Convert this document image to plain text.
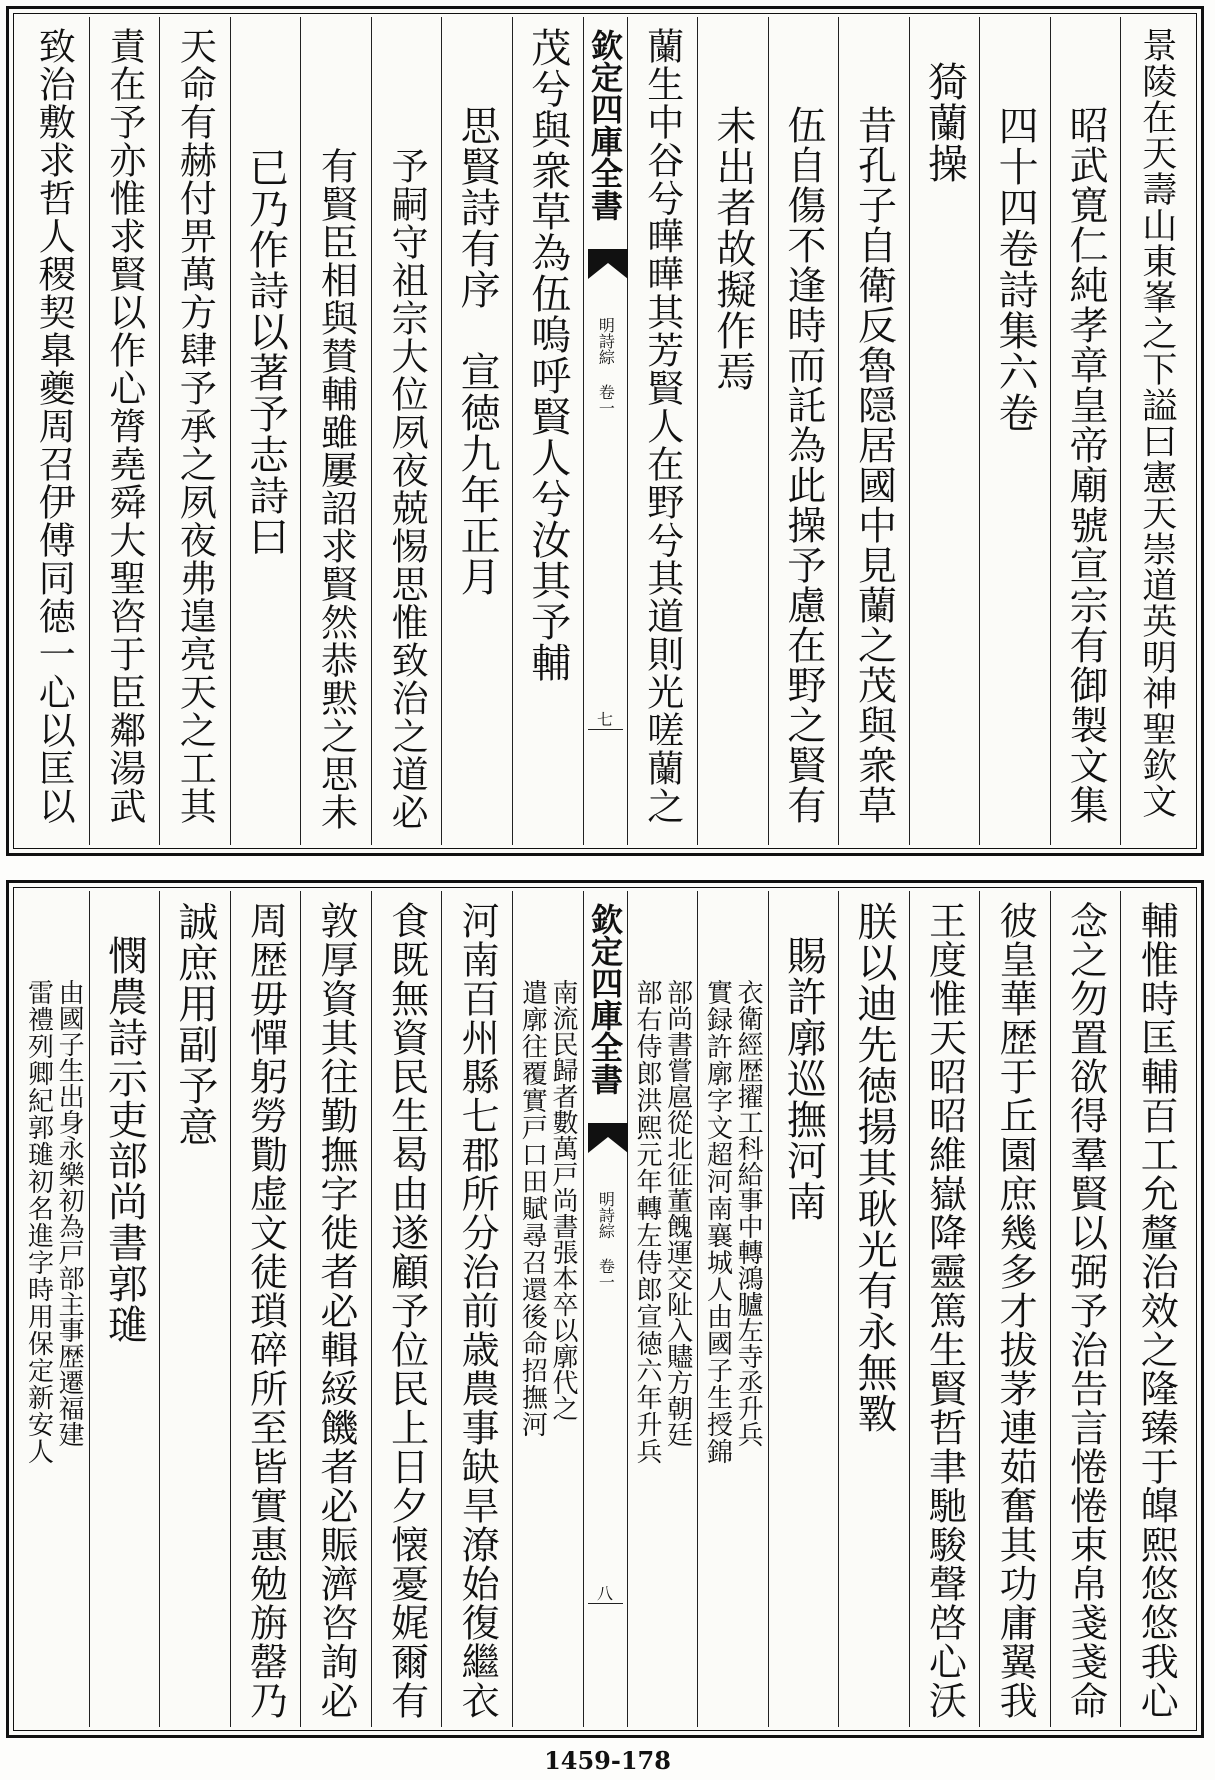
景陵在天壽山東峯之下謚曰憲天崇道英明神聖欽文
昭武寛仁純孝章皇帝廟號宣宗有御製文集
四十四卷詩集六卷
猗蘭操
昔孔子自衛反魯隠居國中見蘭之茂與衆草
伍自傷不逢時而託為此操予慮在野之賢有
未出者故擬作焉
蘭生中谷兮曄曄其芳賢人在野兮其道則光嗟蘭之
欽定四庫全書
明詩綜 卷一
七
茂兮與衆草為伍嗚呼賢人兮汝其予輔
思賢詩有序　宣徳九年正月
予嗣守祖宗大位夙夜兢惕思惟致治之道必
有賢臣相與賛輔雖屢詔求賢然恭黙之思未
已乃作詩以著予志詩曰
天命有赫付畀萬方肆予承之夙夜弗遑亮天之工其
責在予亦惟求賢以作心膂堯舜大聖咨于臣鄰湯武
致治敷求哲人稷契臯夔周召伊傅同徳一心以匡以
輔惟時匡輔百工允釐治效之隆臻于皥熙悠悠我心
念之勿置欲得羣賢以弼予治告言惓惓束帛戔戔命
彼皇華歴于丘園庶幾多才拔茅連茹奮其功庸翼我
王度惟天昭昭維嶽降靈篤生賢哲聿馳駿聲啓心沃
朕以迪先徳揚其耿光有永無斁
賜許廓巡撫河南
實録許廓字文超河南襄城人由國子生授錦 衣衛經歴擢工科給事中轉鴻臚左寺丞升兵
部右侍郎洪熙元年轉左侍郎宣徳六年升兵 部尚書嘗扈從北征董餽運交阯入贐方朝廷
欽定四庫全書
明詩綜 卷一
八
遣廓往覆實戸口田賦尋召還後命招撫河 南流民歸者數萬戸尚書張本卒以廓代之
河南百州縣七郡所分治前歳農事缺旱潦始復繼衣
食既無資民生曷由遂顧予位民上日夕懐憂娓爾有
敦厚資其往勤撫字徙者必輯綏饑者必賑濟咨詢必
周歴毋憚躬勞勩虚文徒瑣碎所至皆實惠勉旃罄乃
誠庶用副予意
憫農詩示吏部尚書郭璡
雷禮列卿紀郭璡初名進字時用保定新安人 由國子生出身永樂初為戸部主事歴遷福建
1459-178
